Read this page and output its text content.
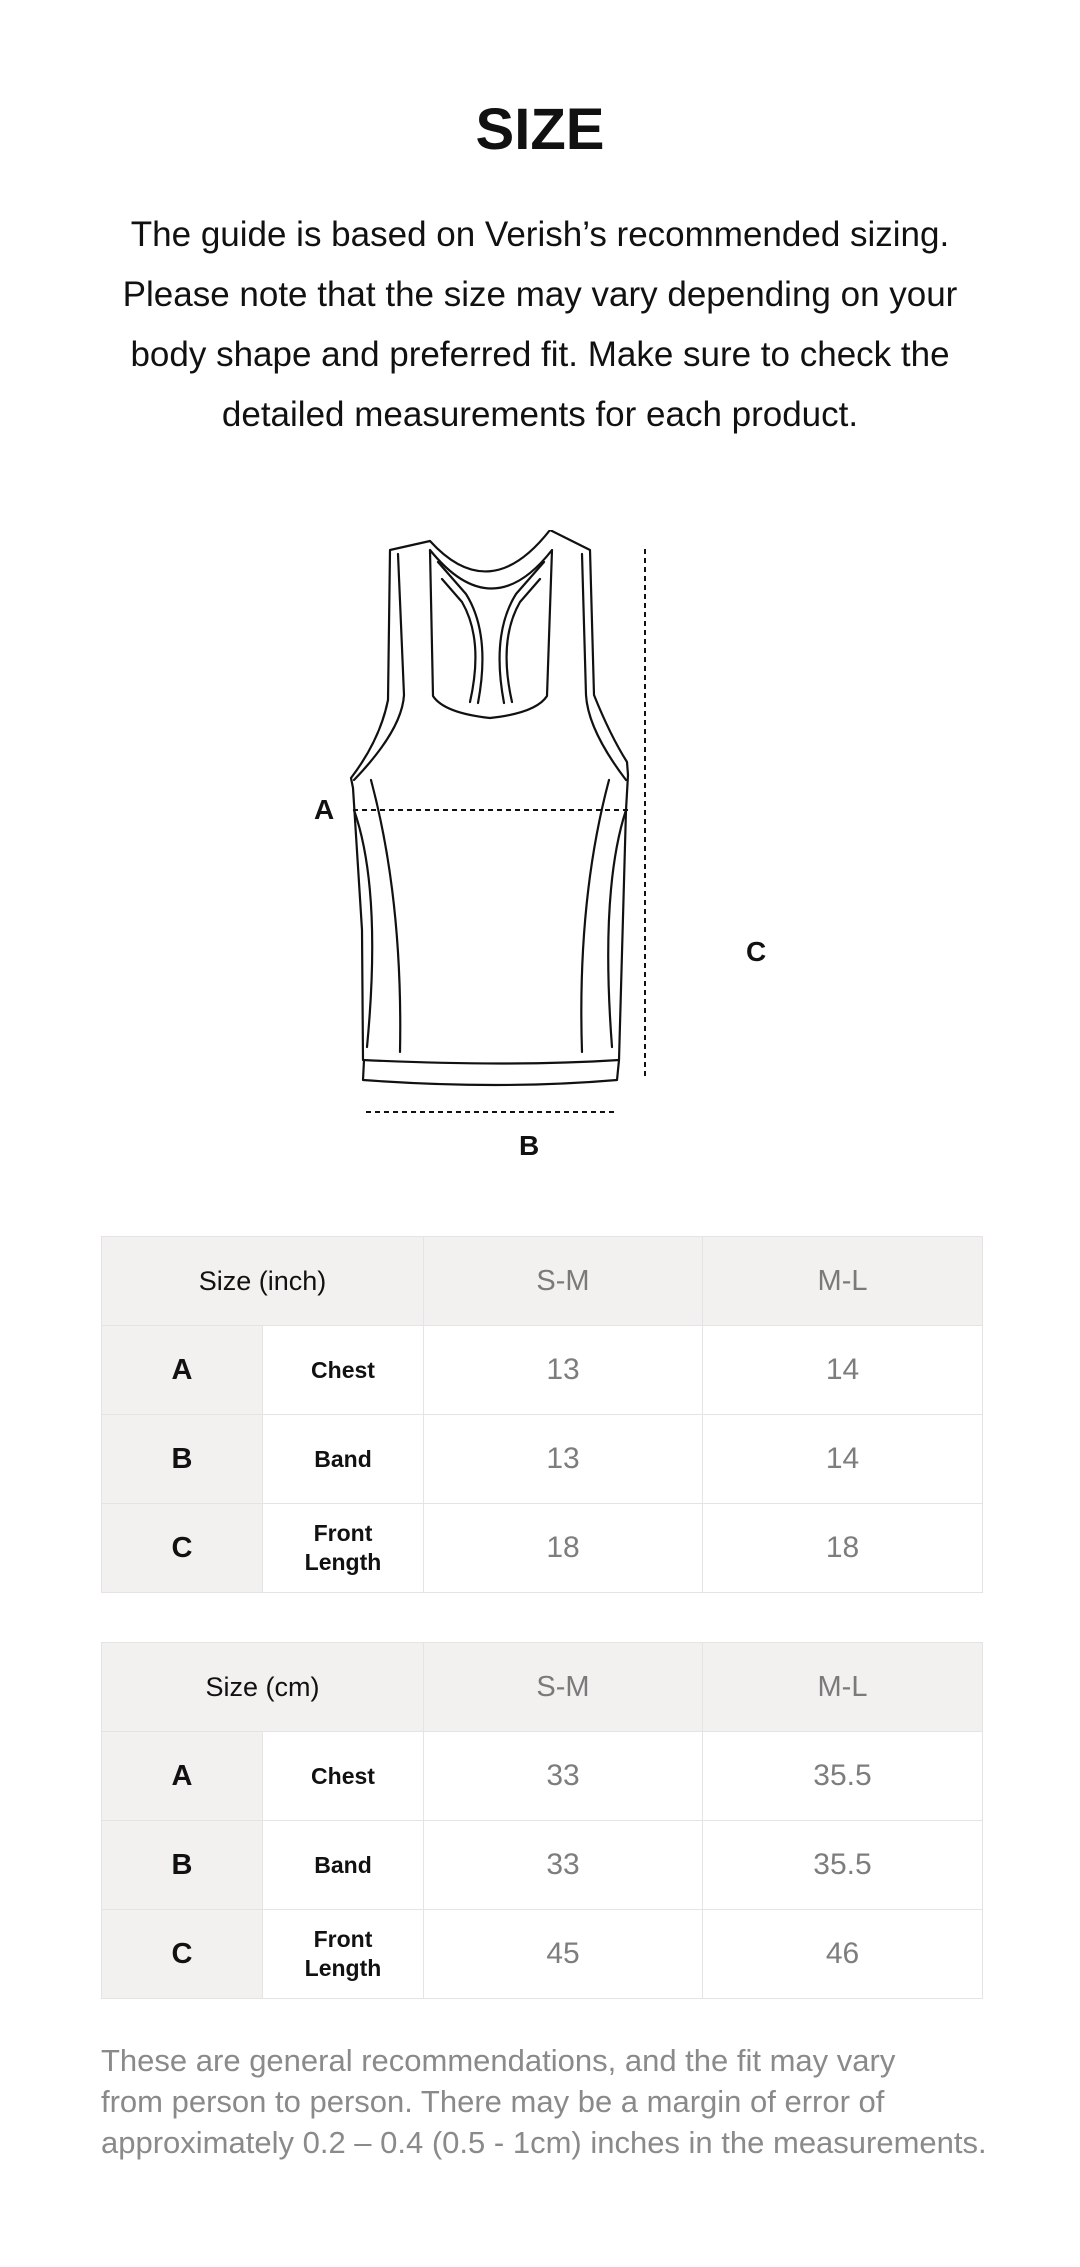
SIZE
The guide is based on Verish’s recommended sizing.
Please note that the size may vary depending on your
body shape and preferred fit. Make sure to check the
detailed measurements for each product.
A
C
B
Size (inch)		S-M	M-L
A	Chest	13	14
B	Band	13	14
C	Front
Length	18	18
Size (cm)		S-M	M-L
A	Chest	33	35.5
B	Band	33	35.5
C	Front
Length	45	46
These are general recommendations, and the fit may vary
from person to person. There may be a margin of error of
approximately 0.2 – 0.4 (0.5 - 1cm) inches in the measurements.
